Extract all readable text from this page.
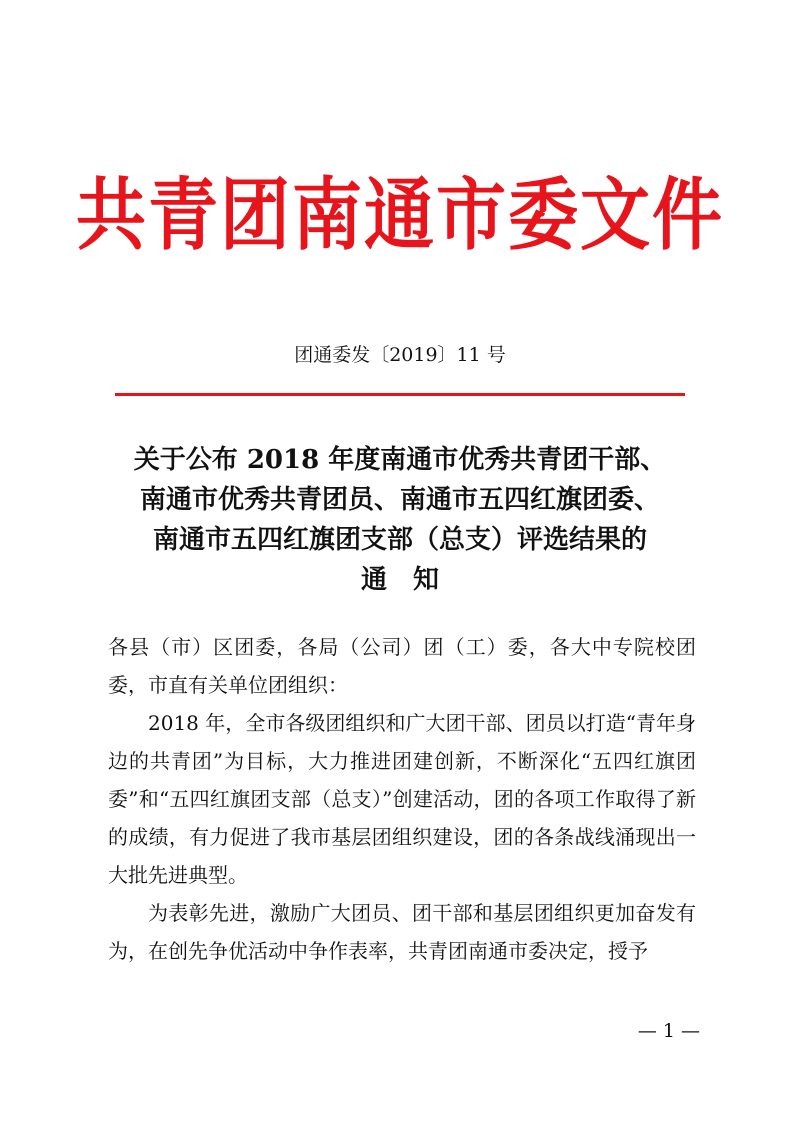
共青团南通市委文件
团通委发〔2019〕11 号
关于公布 2018 年度南通市优秀共青团干部、
南通市优秀共青团员、南通市五四红旗团委、
南通市五四红旗团支部（总支）评选结果的
通　知

各县（市）区团委，各局（公司）团（工）委，各大中专院校团委，市直有关单位团组织：

2018 年，全市各级团组织和广大团干部、团员以打造“青年身边的共青团”为目标，大力推进团建创新，不断深化“五四红旗团委”和“五四红旗团支部（总支）”创建活动，团的各项工作取得了新的成绩，有力促进了我市基层团组织建设，团的各条战线涌现出一大批先进典型。

为表彰先进，激励广大团员、团干部和基层团组织更加奋发有为，在创先争优活动中争作表率，共青团南通市委决定，授予

— 1 —
